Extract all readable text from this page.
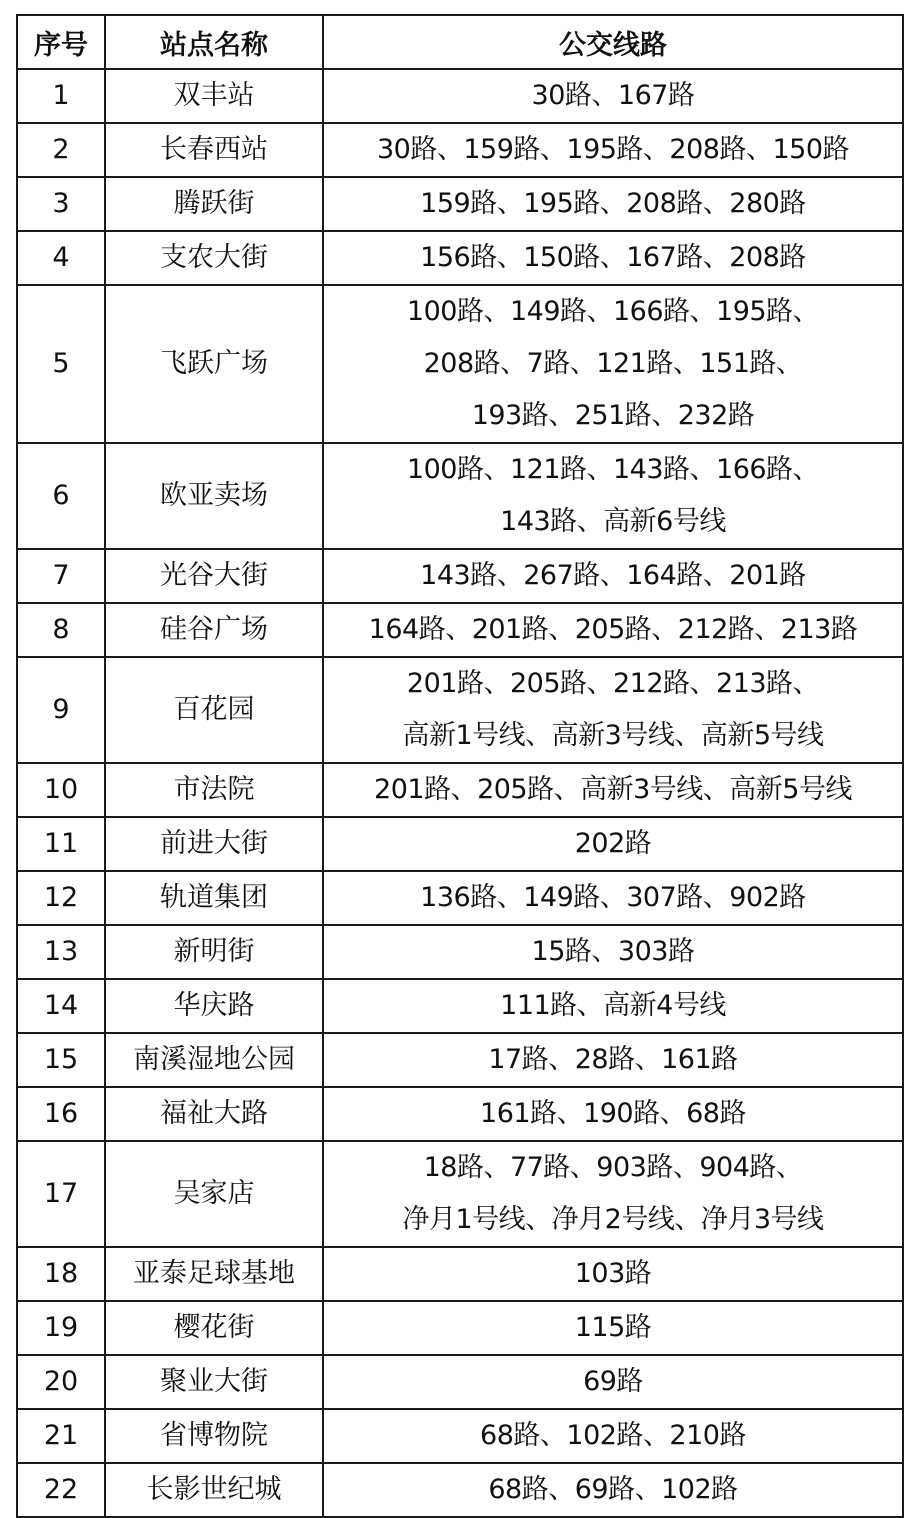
序号	站点名称	公交线路
1	双丰站	30路、167路

2	长春西站	30路、159路、195路、208路、150路

3	腾跃街	159路、195路、208路、280路

4	支农大街	156路、150路、167路、208路

5	飞跃广场	100路、149路、166路、195路、
208路、7路、121路、151路、
193路、251路、232路

6	欧亚卖场	100路、121路、143路、166路、
143路、高新6号线

7	光谷大街	143路、267路、164路、201路

8	硅谷广场	164路、201路、205路、212路、213路

9	百花园	201路、205路、212路、213路、
高新1号线、高新3号线、高新5号线

10	市法院	201路、205路、高新3号线、高新5号线

11	前进大街	202路

12	轨道集团	136路、149路、307路、902路

13	新明街	15路、303路

14	华庆路	111路、高新4号线

15	南溪湿地公园	17路、28路、161路

16	福祉大路	161路、190路、68路

17	吴家店	18路、77路、903路、904路、
净月1号线、净月2号线、净月3号线

18	亚泰足球基地	103路

19	樱花街	115路

20	聚业大街	69路

21	省博物院	68路、102路、210路

22	长影世纪城	68路、69路、102路
